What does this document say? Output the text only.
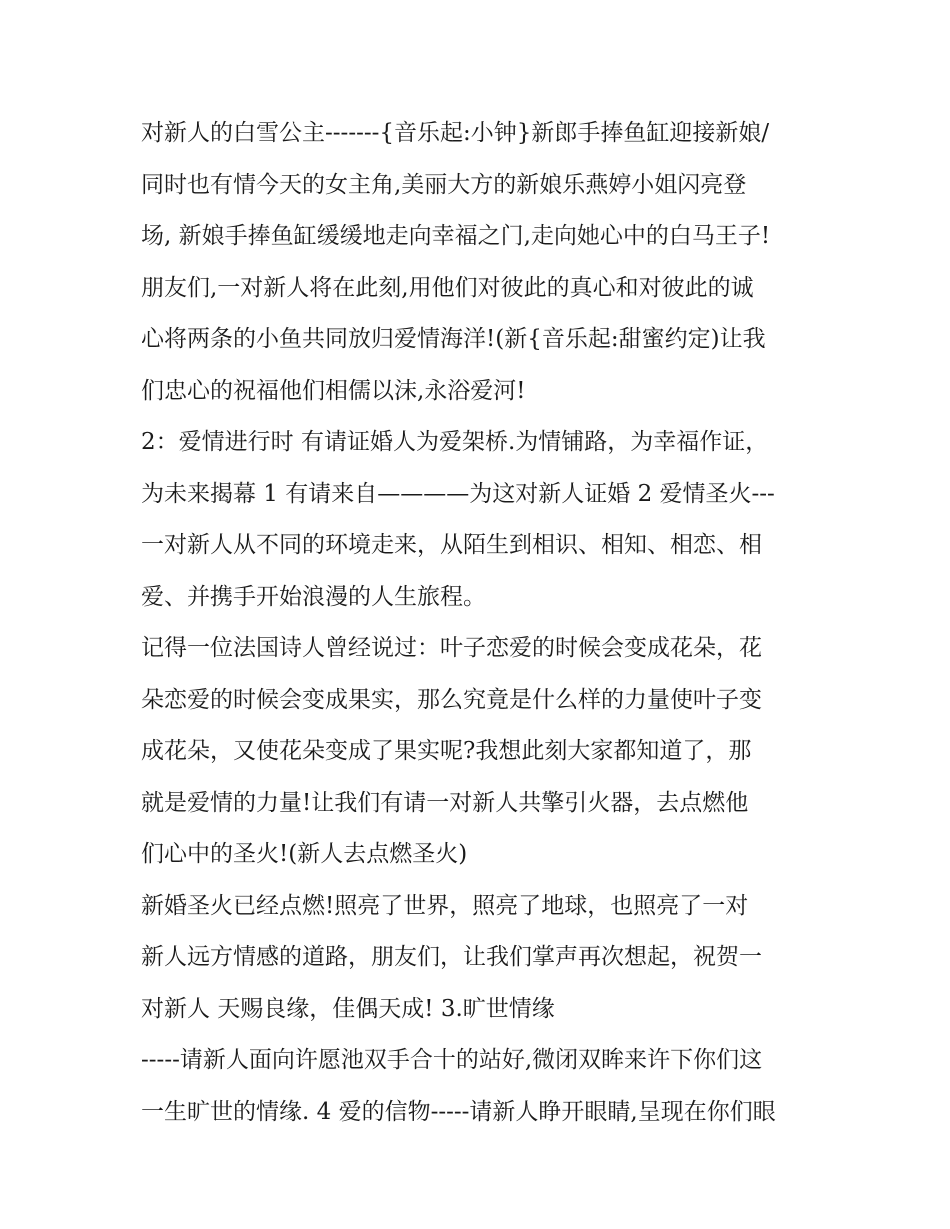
对新人的白雪公主-------{音乐起:小钟}新郎手捧鱼缸迎接新娘/
同时也有情今天的女主角,美丽大方的新娘乐燕婷小姐闪亮登
场, 新娘手捧鱼缸缓缓地走向幸福之门,走向她心中的白马王子!
朋友们,一对新人将在此刻,用他们对彼此的真心和对彼此的诚
心将两条的小鱼共同放归爱情海洋!(新{音乐起:甜蜜约定)让我
们忠心的祝福他们相儒以沫,永浴爱河!
2：爱情进行时 有请证婚人为爱架桥.为情铺路，为幸福作证，
为未来揭幕 1 有请来自————为这对新人证婚 2 爱情圣火---
一对新人从不同的环境走来，从陌生到相识、相知、相恋、相
爱、并携手开始浪漫的人生旅程。
记得一位法国诗人曾经说过：叶子恋爱的时候会变成花朵，花
朵恋爱的时候会变成果实，那么究竟是什么样的力量使叶子变
成花朵，又使花朵变成了果实呢?我想此刻大家都知道了，那
就是爱情的力量!让我们有请一对新人共擎引火器，去点燃他
们心中的圣火!(新人去点燃圣火)
新婚圣火已经点燃!照亮了世界，照亮了地球，也照亮了一对
新人远方情感的道路，朋友们，让我们掌声再次想起，祝贺一
对新人 天赐良缘，佳偶天成! 3.旷世情缘
-----请新人面向许愿池双手合十的站好,微闭双眸来许下你们这
一生旷世的情缘. 4 爱的信物-----请新人睁开眼睛,呈现在你们眼
